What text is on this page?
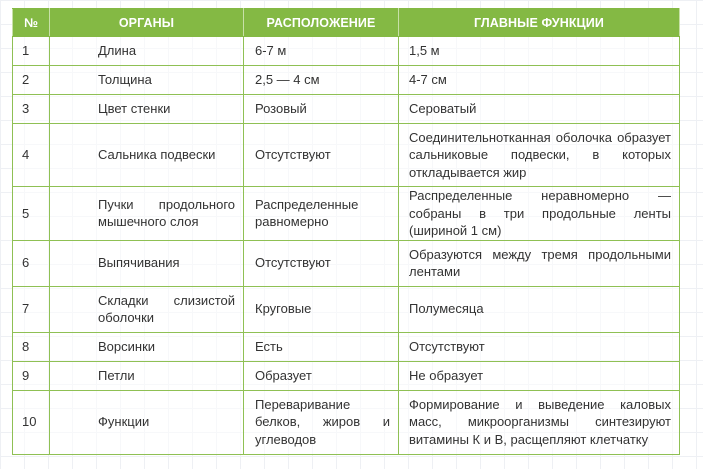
№	ОРГАНЫ	РАСПОЛОЖЕНИЕ	ГЛАВНЫЕ ФУНКЦИИ
1	Длина	6-7 м	1,5 м
2	Толщина	2,5 — 4 см	4-7 см
3	Цвет стенки	Розовый	Сероватый
4	Сальника подвески	Отсутствуют	Соединительнотканная оболочка образует сальниковые подвески, в которых откладывается жир
5	Пучки продольного мышечного слоя	Распределенные равномерно	Распределенные неравномерно — собраны в три продольные ленты (шириной 1 см)
6	Выпячивания	Отсутствуют	Образуются между тремя продольными лентами
7	Складки слизистой оболочки	Круговые	Полумесяца
8	Ворсинки	Есть	Отсутствуют
9	Петли	Образует	Не образует
10	Функции	Переваривание белков, жиров и углеводов	Формирование и выведение каловых масс, микроорганизмы синтезируют витамины К и В, расщепляют клетчатку
